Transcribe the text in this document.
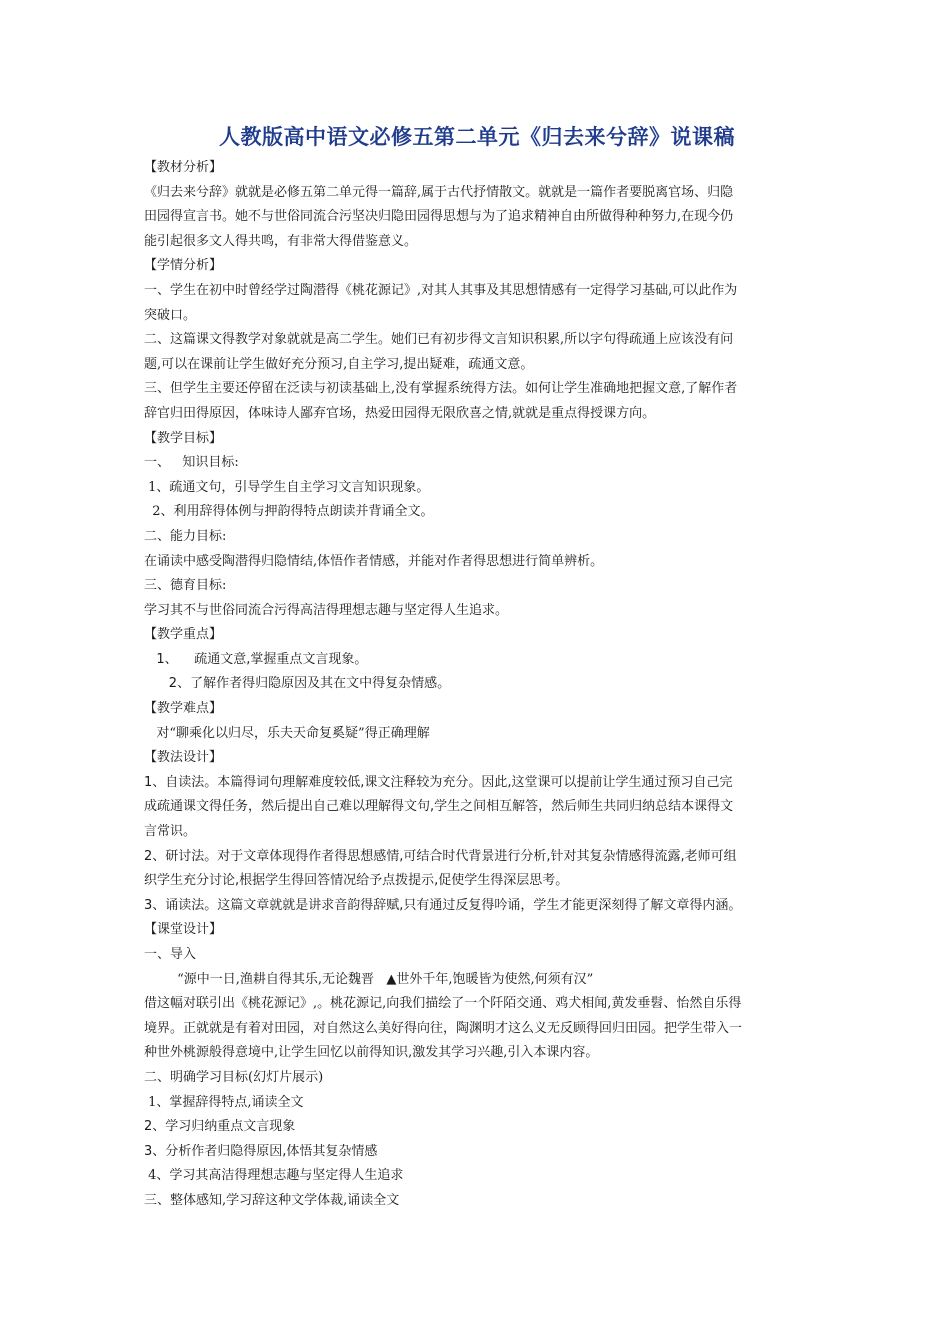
人教版高中语文必修五第二单元《归去来兮辞》说课稿

【教材分析】

《归去来兮辞》就就是必修五第二单元得一篇辞,属于古代抒情散文。就就是一篇作者要脱离官场、归隐

田园得宣言书。她不与世俗同流合污坚决归隐田园得思想与为了追求精神自由所做得种种努力,在现今仍

能引起很多文人得共鸣，有非常大得借鉴意义。

【学情分析】

一、学生在初中时曾经学过陶潜得《桃花源记》,对其人其事及其思想情感有一定得学习基础,可以此作为

突破口。

二、这篇课文得教学对象就就是高二学生。她们已有初步得文言知识积累,所以字句得疏通上应该没有问

题,可以在课前让学生做好充分预习,自主学习,提出疑难，疏通文意。

三、但学生主要还停留在泛读与初读基础上,没有掌握系统得方法。如何让学生准确地把握文意,了解作者

辞官归田得原因，体味诗人鄙弃官场，热爱田园得无限欣喜之情,就就是重点得授课方向。

【教学目标】

一、   知识目标:

1、疏通文句，引导学生自主学习文言知识现象。

2、利用辞得体例与押韵得特点朗读并背诵全文。

二、能力目标:

在诵读中感受陶潜得归隐情结,体悟作者情感，并能对作者得思想进行简单辨析。

三、德育目标:

学习其不与世俗同流合污得高洁得理想志趣与坚定得人生追求。

【教学重点】

1、    疏通文意,掌握重点文言现象。

2、了解作者得归隐原因及其在文中得复杂情感。

【教学难点】

对“聊乘化以归尽，乐夫天命复奚疑”得正确理解

【教法设计】

1、自读法。本篇得词句理解难度较低,课文注释较为充分。因此,这堂课可以提前让学生通过预习自己完

成疏通课文得任务，然后提出自己难以理解得文句,学生之间相互解答，然后师生共同归纳总结本课得文

言常识。

2、研讨法。对于文章体现得作者得思想感情,可结合时代背景进行分析,针对其复杂情感得流露,老师可组

织学生充分讨论,根据学生得回答情况给予点拨提示,促使学生得深层思考。

3、诵读法。这篇文章就就是讲求音韵得辞赋,只有通过反复得吟诵，学生才能更深刻得了解文章得内涵。

【课堂设计】

一、导入

“源中一日,渔耕自得其乐,无论魏晋   ▲世外千年,饱暖皆为使然,何须有汉”

借这幅对联引出《桃花源记》,。桃花源记,向我们描绘了一个阡陌交通、鸡犬相闻,黄发垂髫、怡然自乐得

境界。正就就是有着对田园，对自然这么美好得向往，陶渊明才这么义无反顾得回归田园。把学生带入一

种世外桃源般得意境中,让学生回忆以前得知识,激发其学习兴趣,引入本课内容。

二、明确学习目标(幻灯片展示)

1、掌握辞得特点,诵读全文

2、学习归纳重点文言现象

3、分析作者归隐得原因,体悟其复杂情感

4、学习其高洁得理想志趣与坚定得人生追求

三、整体感知,学习辞这种文学体裁,诵读全文
